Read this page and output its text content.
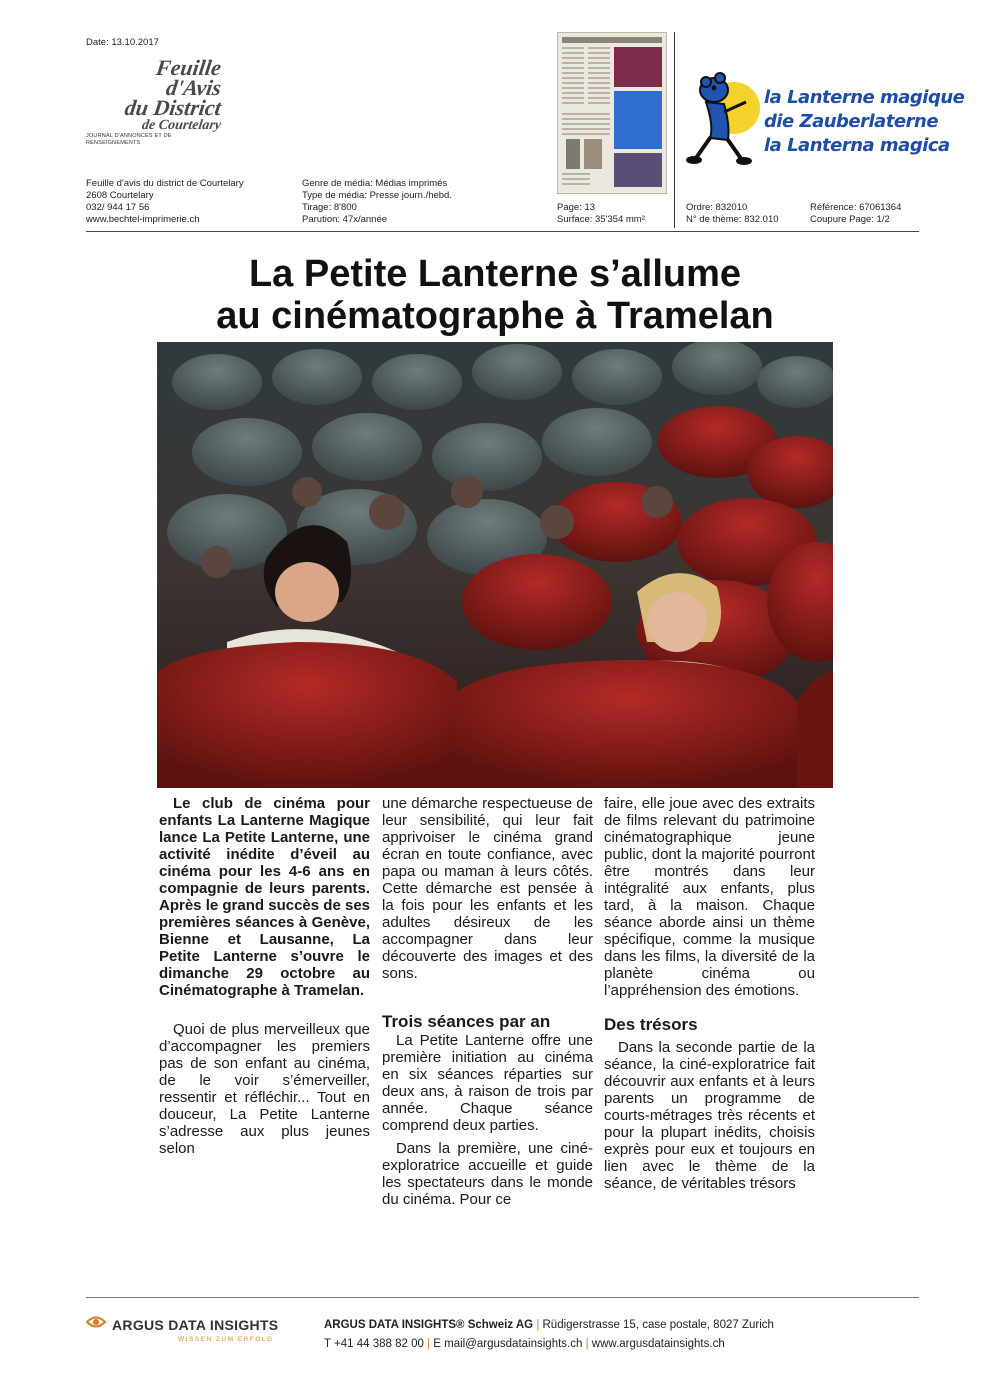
Date: 13.10.2017
Feuille
d'Avis
du District
de Courtelary
JOURNAL D'ANNONCES ET DE RENSEIGNEMENTS
Feuille d'avis du district de Courtelary
2608 Courtelary
032/ 944 17 56
www.bechtel-imprimerie.ch
Genre de média: Médias imprimés
Type de média: Presse journ./hebd.
Tirage: 8'800
Parution: 47x/année
Page: 13
Surface: 35'354 mm²
la Lanterne magique
die Zauberlaterne
la Lanterna magica
Ordre: 832010
N° de thème: 832.010
Référence: 67061364
Coupure Page: 1/2
La Petite Lanterne s’allume
au cinématographe à Tramelan

Le club de cinéma pour enfants La Lanterne Magique lance La Petite Lanterne, une activité inédite d’éveil au cinéma pour les 4-6 ans en compagnie de leurs parents. Après le grand succès de ses premières séances à Genève, Bienne et Lausanne, La Petite Lanterne s’ouvre le dimanche 29 octobre au Cinématographe à Tramelan.

Quoi de plus merveilleux que d’accompagner les premiers pas de son enfant au cinéma, de le voir s’émerveiller, ressentir et réfléchir... Tout en douceur, La Petite Lanterne s’adresse aux plus jeunes selon

une démarche respectueuse de leur sensibilité, qui leur fait apprivoiser le cinéma grand écran en toute confiance, avec papa ou maman à leurs côtés. Cette démarche est pensée à la fois pour les enfants et les adultes désireux de les accompagner dans leur découverte des images et des sons.

Trois séances par an

La Petite Lanterne offre une première initiation au cinéma en six séances réparties sur deux ans, à raison de trois par année. Chaque séance comprend deux parties.

Dans la première, une ciné-exploratrice accueille et guide les spectateurs dans le monde du cinéma. Pour ce

faire, elle joue avec des extraits de films relevant du patrimoine cinématographique jeune public, dont la majorité pourront être montrés dans leur intégralité aux enfants, plus tard, à la maison. Chaque séance aborde ainsi un thème spécifique, comme la musique dans les films, la diversité de la planète cinéma ou l’appréhension des émotions.

Des trésors

Dans la seconde partie de la séance, la ciné-exploratrice fait découvrir aux enfants et à leurs parents un programme de courts-métrages très récents et pour la plupart inédits, choisis exprès pour eux et toujours en lien avec le thème de la séance, de véritables trésors

ARGUS DATA INSIGHTS
WISSEN ZUM ERFOLG
ARGUS DATA INSIGHTS® Schweiz AG | Rüdigerstrasse 15, case postale, 8027 Zurich
T +41 44 388 82 00 | E mail@argusdatainsights.ch | www.argusdatainsights.ch
